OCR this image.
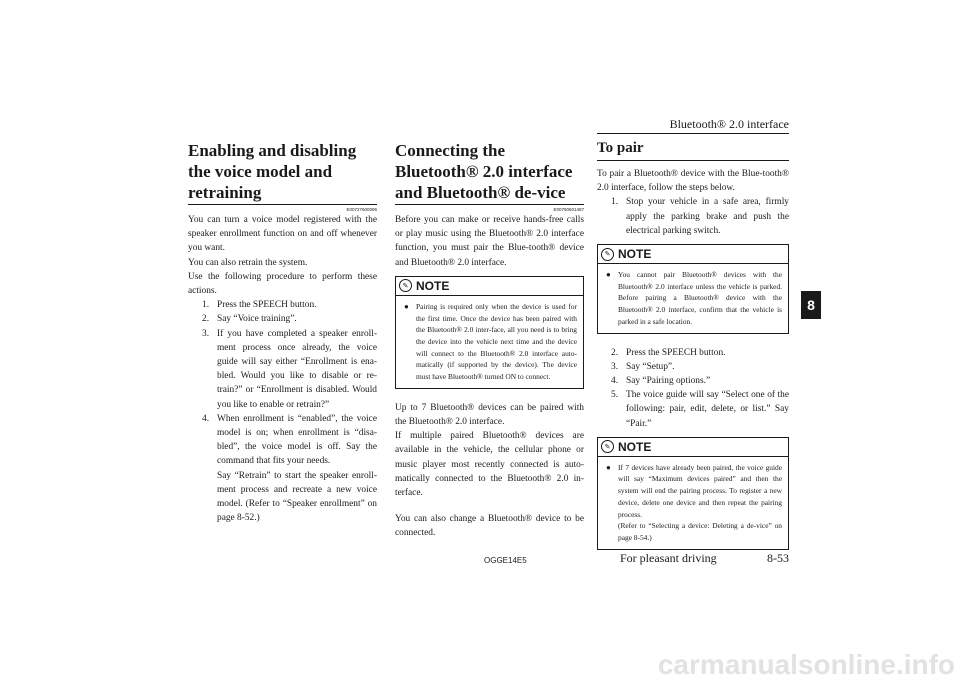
Bluetooth® 2.0 interface
8
Enabling and disabling the voice model and retraining
E00727600096

You can turn a voice model registered with the speaker enrollment function on and off whenever you want.

You can also retrain the system.

Use the following procedure to perform these actions.

1. Press the SPEECH button.
2. Say “Voice training”.
3. If you have completed a speaker enroll-ment process once already, the voice guide will say either “Enrollment is ena-bled. Would you like to disable or re-train?” or “Enrollment is disabled. Would you like to enable or retrain?”
4. When enrollment is “enabled”, the voice model is on; when enrollment is “disa-bled”, the voice model is off. Say the command that fits your needs.
Say “Retrain” to start the speaker enroll-ment process and recreate a new voice model. (Refer to “Speaker enrollment” on page 8-52.)
Connecting the Bluetooth® 2.0 interface and Bluetooth® de-vice
E00760601487

Before you can make or receive hands-free calls or play music using the Bluetooth® 2.0 interface function, you must pair the Blue-tooth® device and Bluetooth® 2.0 interface.

✎ NOTE
● Pairing is required only when the device is used for the first time. Once the device has been paired with the Bluetooth® 2.0 inter-face, all you need is to bring the device into the vehicle next time and the device will connect to the Bluetooth® 2.0 interface auto-matically (if supported by the device). The device must have Bluetooth® turned ON to connect.

Up to 7 Bluetooth® devices can be paired with the Bluetooth® 2.0 interface.

If multiple paired Bluetooth® devices are available in the vehicle, the cellular phone or music player most recently connected is auto-matically connected to the Bluetooth® 2.0 in-terface.

You can also change a Bluetooth® device to be connected.

To pair

To pair a Bluetooth® device with the Blue-tooth® 2.0 interface, follow the steps below.

1. Stop your vehicle in a safe area, firmly apply the parking brake and push the electrical parking switch.
✎ NOTE
● You cannot pair Bluetooth® devices with the Bluetooth® 2.0 interface unless the vehicle is parked. Before pairing a Bluetooth® device with the Bluetooth® 2.0 interface, confirm that the vehicle is parked in a safe location.
2. Press the SPEECH button.
3. Say “Setup”.
4. Say “Pairing options.”
5. The voice guide will say “Select one of the following: pair, edit, delete, or list.” Say “Pair.”
✎ NOTE
● If 7 devices have already been paired, the voice guide will say “Maximum devices paired” and then the system will end the pairing process. To register a new device, delete one device and then repeat the pairing process.
(Refer to “Selecting a device: Deleting a de-vice” on page 8-54.)
OGGE14E5	For pleasant driving	8-53
carmanualsonline.info
